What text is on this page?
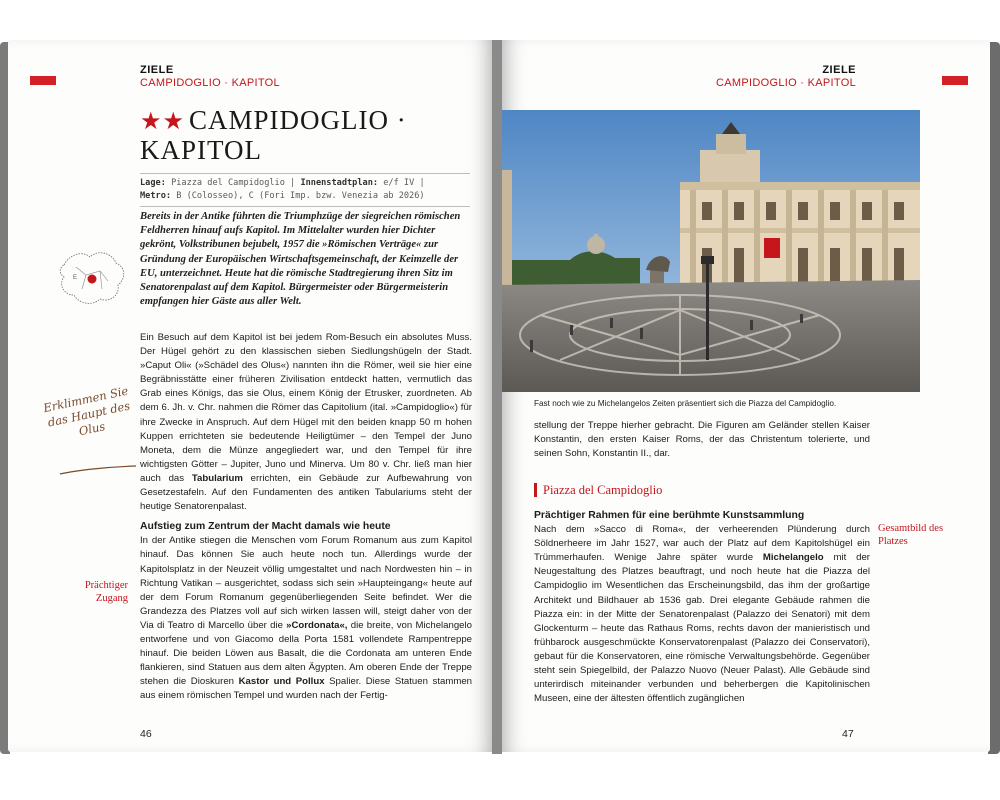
ZIELE
CAMPIDOGLIO · KAPITOL
★★ CAMPIDOGLIO ·
KAPITOL
Lage: Piazza del Campidoglio | Innenstadtplan: e/f IV |
Metro: B (Colosseo), C (Fori Imp. bzw. Venezia ab 2026)
E
Bereits in der Antike führten die Triumphzüge der siegreichen römischen Feldherren hinauf aufs Kapitol. Im Mittelalter wurden hier Dichter gekrönt, Volkstribunen bejubelt, 1957 die »Römischen Verträge« zur Gründung der Europäischen Wirtschaftsgemeinschaft, der Keimzelle der EU, unterzeichnet. Heute hat die römische Stadtregierung ihren Sitz im Senatorenpalast auf dem Kapitol. Bürgermeister oder Bürgermeisterin empfangen hier Gäste aus aller Welt.
Erklimmen Sie das Haupt des Olus

Ein Besuch auf dem Kapitol ist bei jedem Rom-Besuch ein absolutes Muss. Der Hügel gehört zu den klassischen sieben Siedlungshügeln der Stadt. »Caput Oli« (»Schädel des Olus«) nannten ihn die Römer, weil sie hier eine Begräbnisstätte einer früheren Zivilisation entdeckt hatten, vermutlich das Grab eines Königs, das sie Olus, einem König der Etrusker, zuordneten. Ab dem 6. Jh. v. Chr. nahmen die Römer das Capitolium (ital. »Campidoglio«) für ihre Zwecke in Anspruch. Auf dem Hügel mit den beiden knapp 50 m hohen Kuppen errichteten sie bedeutende Heiligtümer – den Tempel der Juno Moneta, dem die Münze angegliedert war, und den Tempel für ihre wichtigsten Götter – Jupiter, Juno und Minerva. Um 80 v. Chr. ließ man hier auch das Tabularium errichten, ein Gebäude zur Aufbewahrung von Gesetzestafeln. Auf den Fundamenten des antiken Tabulariums steht der heutige Senatorenpalast.

Aufstieg zum Zentrum der Macht damals wie heute

In der Antike stiegen die Menschen vom Forum Romanum aus zum Kapitol hinauf. Das können Sie auch heute noch tun. Allerdings wurde der Kapitolsplatz in der Neuzeit völlig umgestaltet und nach Nordwesten hin – in Richtung Vatikan – ausgerichtet, sodass sich sein »Haupteingang« heute auf der dem Forum Romanum gegenüberliegenden Seite befindet. Wer die Grandezza des Platzes voll auf sich wirken lassen will, steigt daher von der Via di Teatro di Marcello über die »Cordonata«, die breite, von Michelangelo entworfene und von Giacomo della Porta 1581 vollendete Rampentreppe hinauf. Die beiden Löwen aus Basalt, die die Cordonata am unteren Ende flankieren, sind Statuen aus dem alten Ägypten. Am oberen Ende der Treppe stehen die Dioskuren Kastor und Pollux Spalier. Diese Statuen stammen aus einem römischen Tempel und wurden nach der Fertig-

Prächtiger Zugang
46
ZIELE
CAMPIDOGLIO · KAPITOL
Fast noch wie zu Michelangelos Zeiten präsentiert sich die Piazza del Campidoglio.

stellung der Treppe hierher gebracht. Die Figuren am Geländer stellen Kaiser Konstantin, den ersten Kaiser Roms, der das Christentum tolerierte, und seinen Sohn, Konstantin II., dar.

Piazza del Campidoglio

Prächtiger Rahmen für eine berühmte Kunstsammlung

Nach dem »Sacco di Roma«, der verheerenden Plünderung durch Söldnerheere im Jahr 1527, war auch der Platz auf dem Kapitolshügel ein Trümmerhaufen. Wenige Jahre später wurde Michelangelo mit der Neugestaltung des Platzes beauftragt, und noch heute hat die Piazza del Campidoglio im Wesentlichen das Erscheinungsbild, das ihm der großartige Architekt und Bildhauer ab 1536 gab. Drei elegante Gebäude rahmen die Piazza ein: in der Mitte der Senatorenpalast (Palazzo dei Senatori) mit dem Glockenturm – heute das Rathaus Roms, rechts davon der manieristisch und frühbarock ausgeschmückte Konservatorenpalast (Palazzo dei Conservatori), gebaut für die Konservatoren, eine römische Verwaltungsbehörde. Gegenüber steht sein Spiegelbild, der Palazzo Nuovo (Neuer Palast). Alle Gebäude sind unterirdisch miteinander verbunden und beherbergen die Kapitolinischen Museen, eine der ältesten öffentlich zugänglichen

Gesamtbild des Platzes
47
